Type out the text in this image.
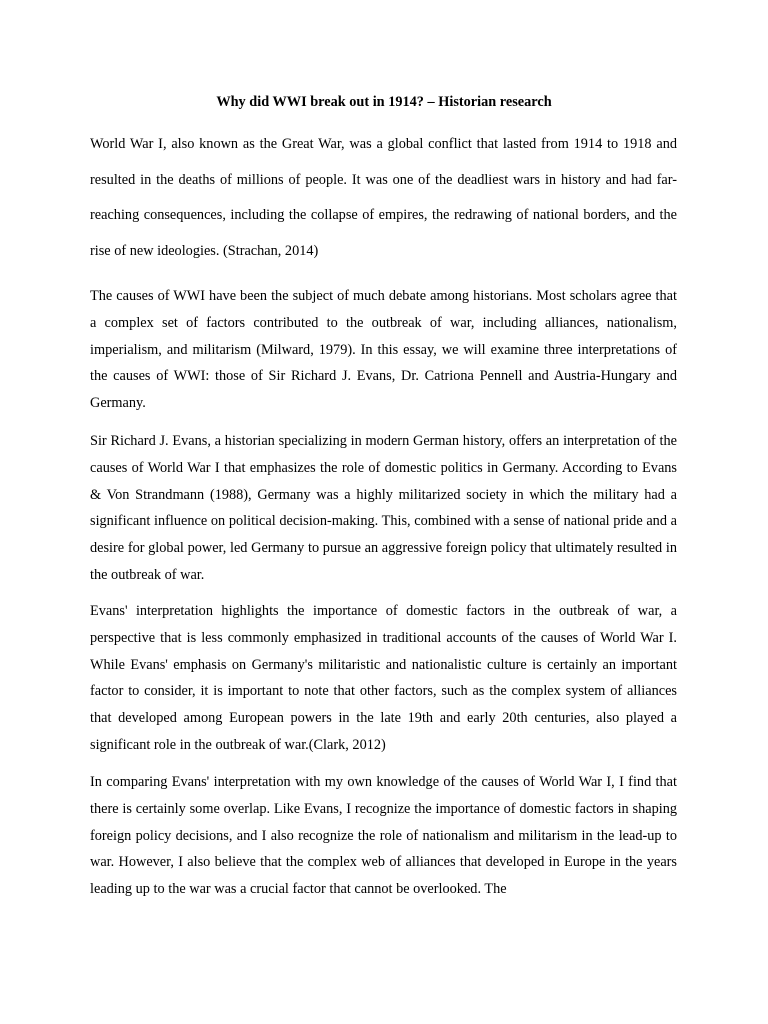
Why did WWI break out in 1914? – Historian research

World War I, also known as the Great War, was a global conflict that lasted from 1914 to 1918 and resulted in the deaths of millions of people. It was one of the deadliest wars in history and had far-reaching consequences, including the collapse of empires, the redrawing of national borders, and the rise of new ideologies. (Strachan, 2014)

The causes of WWI have been the subject of much debate among historians. Most scholars agree that a complex set of factors contributed to the outbreak of war, including alliances, nationalism, imperialism, and militarism (Milward, 1979). In this essay, we will examine three interpretations of the causes of WWI: those of Sir Richard J. Evans, Dr. Catriona Pennell and Austria-Hungary and Germany.

Sir Richard J. Evans, a historian specializing in modern German history, offers an interpretation of the causes of World War I that emphasizes the role of domestic politics in Germany. According to Evans & Von Strandmann (1988), Germany was a highly militarized society in which the military had a significant influence on political decision-making. This, combined with a sense of national pride and a desire for global power, led Germany to pursue an aggressive foreign policy that ultimately resulted in the outbreak of war.

Evans' interpretation highlights the importance of domestic factors in the outbreak of war, a perspective that is less commonly emphasized in traditional accounts of the causes of World War I. While Evans' emphasis on Germany's militaristic and nationalistic culture is certainly an important factor to consider, it is important to note that other factors, such as the complex system of alliances that developed among European powers in the late 19th and early 20th centuries, also played a significant role in the outbreak of war.(Clark, 2012)

In comparing Evans' interpretation with my own knowledge of the causes of World War I, I find that there is certainly some overlap. Like Evans, I recognize the importance of domestic factors in shaping foreign policy decisions, and I also recognize the role of nationalism and militarism in the lead-up to war. However, I also believe that the complex web of alliances that developed in Europe in the years leading up to the war was a crucial factor that cannot be overlooked. The
